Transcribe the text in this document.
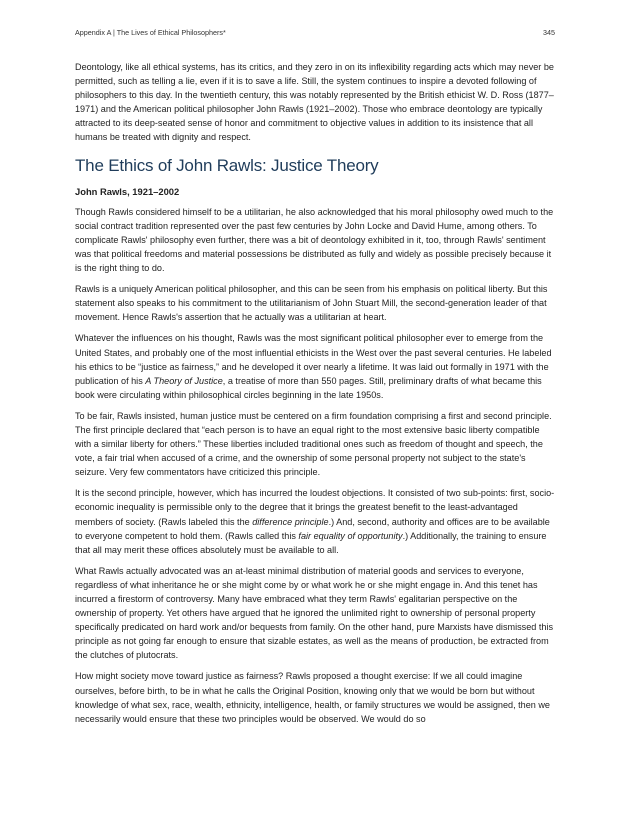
Appendix A | The Lives of Ethical Philosophers*	345

Deontology, like all ethical systems, has its critics, and they zero in on its inflexibility regarding acts which may never be permitted, such as telling a lie, even if it is to save a life. Still, the system continues to inspire a devoted following of philosophers to this day. In the twentieth century, this was notably represented by the British ethicist W. D. Ross (1877–1971) and the American political philosopher John Rawls (1921–2002). Those who embrace deontology are typically attracted to its deep-seated sense of honor and commitment to objective values in addition to its insistence that all humans be treated with dignity and respect.

The Ethics of John Rawls: Justice Theory
John Rawls, 1921–2002

Though Rawls considered himself to be a utilitarian, he also acknowledged that his moral philosophy owed much to the social contract tradition represented over the past few centuries by John Locke and David Hume, among others. To complicate Rawls' philosophy even further, there was a bit of deontology exhibited in it, too, through Rawls' sentiment was that political freedoms and material possessions be distributed as fully and widely as possible precisely because it is the right thing to do.

Rawls is a uniquely American political philosopher, and this can be seen from his emphasis on political liberty. But this statement also speaks to his commitment to the utilitarianism of John Stuart Mill, the second-generation leader of that movement. Hence Rawls's assertion that he actually was a utilitarian at heart.

Whatever the influences on his thought, Rawls was the most significant political philosopher ever to emerge from the United States, and probably one of the most influential ethicists in the West over the past several centuries. He labeled his ethics to be “justice as fairness,” and he developed it over nearly a lifetime. It was laid out formally in 1971 with the publication of his A Theory of Justice, a treatise of more than 550 pages. Still, preliminary drafts of what became this book were circulating within philosophical circles beginning in the late 1950s.

To be fair, Rawls insisted, human justice must be centered on a firm foundation comprising a first and second principle. The first principle declared that “each person is to have an equal right to the most extensive basic liberty compatible with a similar liberty for others.” These liberties included traditional ones such as freedom of thought and speech, the vote, a fair trial when accused of a crime, and the ownership of some personal property not subject to the state's seizure. Very few commentators have criticized this principle.

It is the second principle, however, which has incurred the loudest objections. It consisted of two sub-points: first, socio-economic inequality is permissible only to the degree that it brings the greatest benefit to the least-advantaged members of society. (Rawls labeled this the difference principle.) And, second, authority and offices are to be available to everyone competent to hold them. (Rawls called this fair equality of opportunity.) Additionally, the training to ensure that all may merit these offices absolutely must be available to all.

What Rawls actually advocated was an at-least minimal distribution of material goods and services to everyone, regardless of what inheritance he or she might come by or what work he or she might engage in. And this tenet has incurred a firestorm of controversy. Many have embraced what they term Rawls' egalitarian perspective on the ownership of property. Yet others have argued that he ignored the unlimited right to ownership of personal property specifically predicated on hard work and/or bequests from family. On the other hand, pure Marxists have dismissed this principle as not going far enough to ensure that sizable estates, as well as the means of production, be extracted from the clutches of plutocrats.

How might society move toward justice as fairness? Rawls proposed a thought exercise: If we all could imagine ourselves, before birth, to be in what he calls the Original Position, knowing only that we would be born but without knowledge of what sex, race, wealth, ethnicity, intelligence, health, or family structures we would be assigned, then we necessarily would ensure that these two principles would be observed. We would do so
